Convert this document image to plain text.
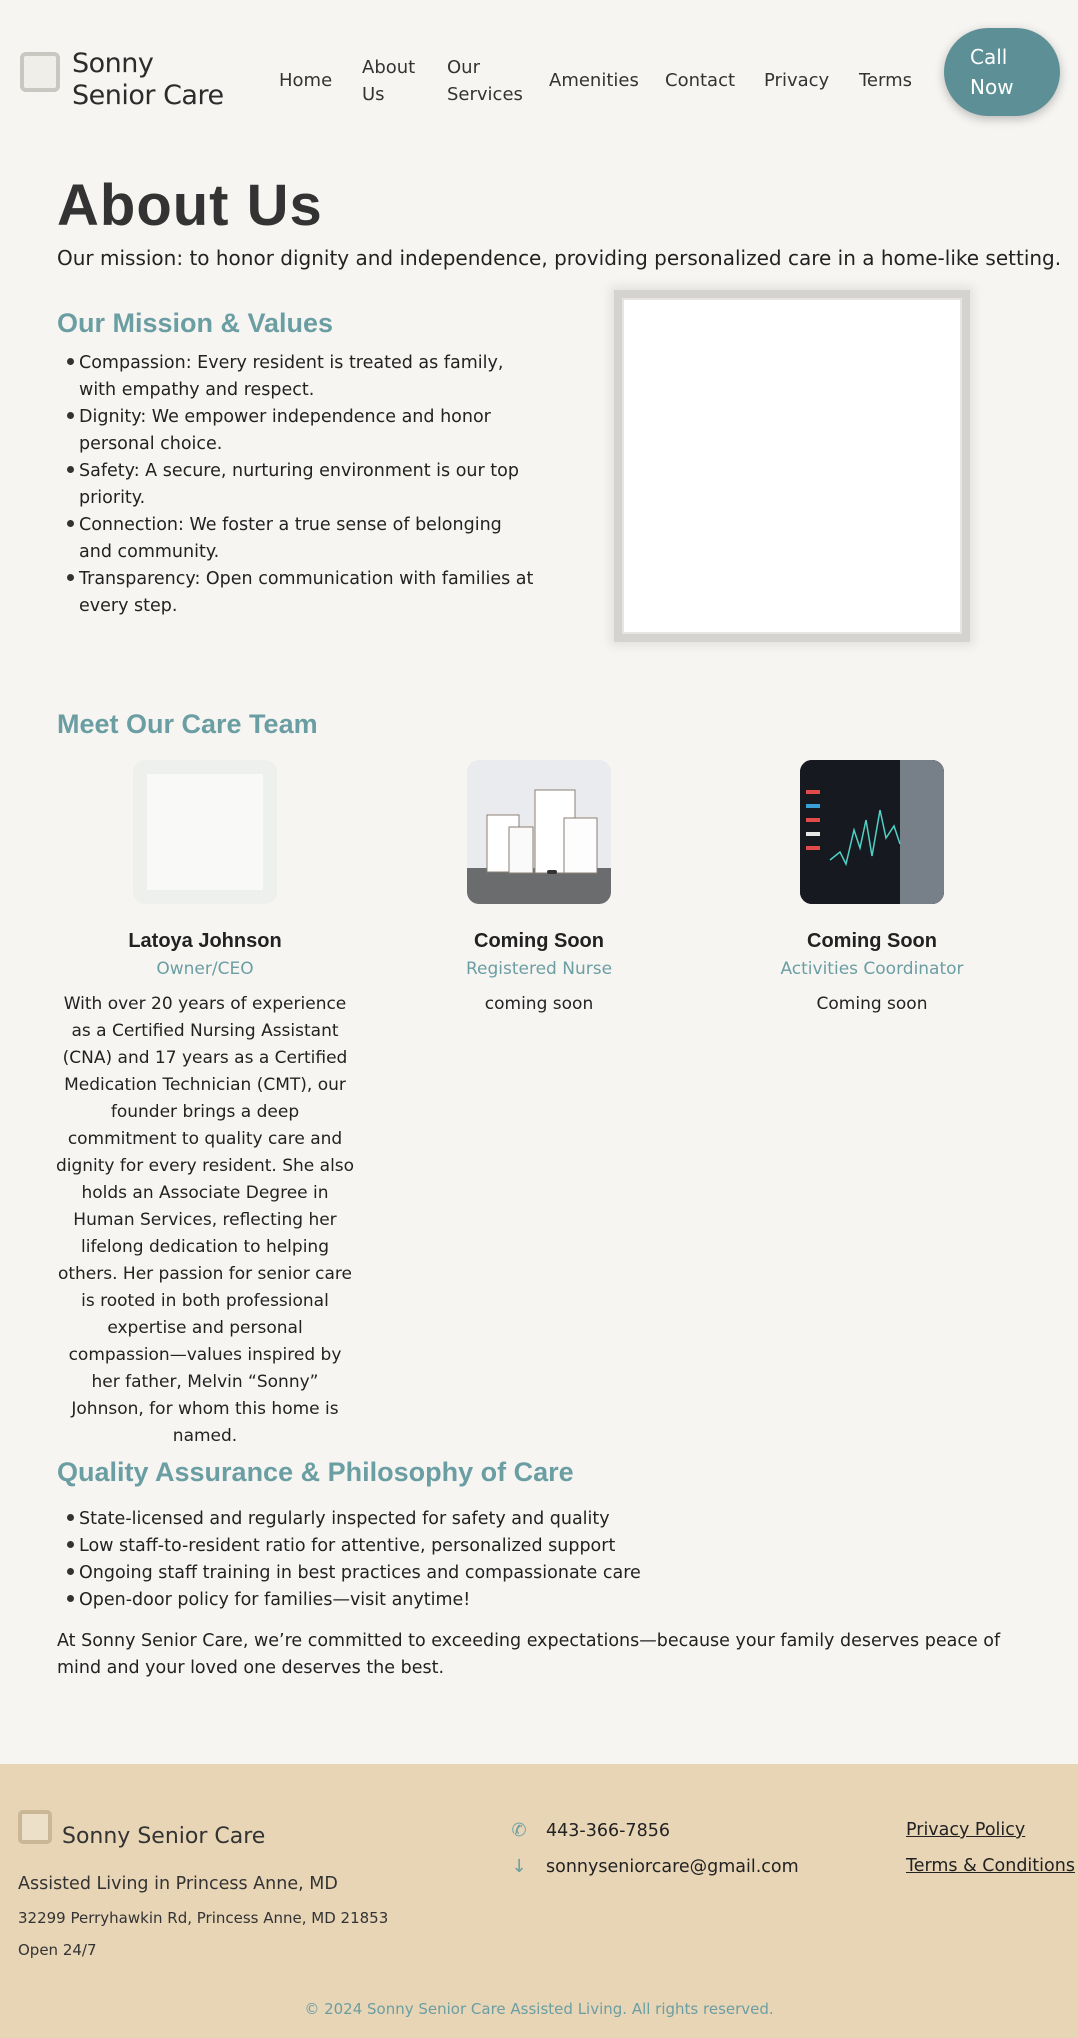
Sonny Senior Care	Home
About Us
Our Services
Amenities Contact Privacy Terms
Call Now
About Us

Our mission: to honor dignity and independence, providing personalized care in a home-like setting.

Our Mission & Values
Compassion: Every resident is treated as family, with empathy and respect.
Dignity: We empower independence and honor personal choice.
Safety: A secure, nurturing environment is our top priority.
Connection: We foster a true sense of belonging and community.
Transparency: Open communication with families at every step.
Meet Our Care Team
Latoya Johnson
Owner/CEO
With over 20 years of experience as a Certified Nursing Assistant (CNA) and 17 years as a Certified Medication Technician (CMT), our founder brings a deep commitment to quality care and dignity for every resident. She also holds an Associate Degree in Human Services, reflecting her lifelong dedication to helping others. Her passion for senior care is rooted in both professional expertise and personal compassion—values inspired by her father, Melvin “Sonny” Johnson, for whom this home is named.
Coming Soon
Registered Nurse
coming soon
Coming Soon
Activities Coordinator
Coming soon
Quality Assurance & Philosophy of Care
State-licensed and regularly inspected for safety and quality
Low staff-to-resident ratio for attentive, personalized support
Ongoing staff training in best practices and compassionate care
Open-door policy for families—visit anytime!

At Sonny Senior Care, we’re committed to exceeding expectations—because your family deserves peace of mind and your loved one deserves the best.

Sonny Senior Care
Assisted Living in Princess Anne, MD
32299 Perryhawkin Rd, Princess Anne, MD 21853
Open 24/7
✆ 443-366-7856
↓ sonnyseniorcare@gmail.com
Privacy Policy
Terms & Conditions
© 2024 Sonny Senior Care Assisted Living. All rights reserved.
